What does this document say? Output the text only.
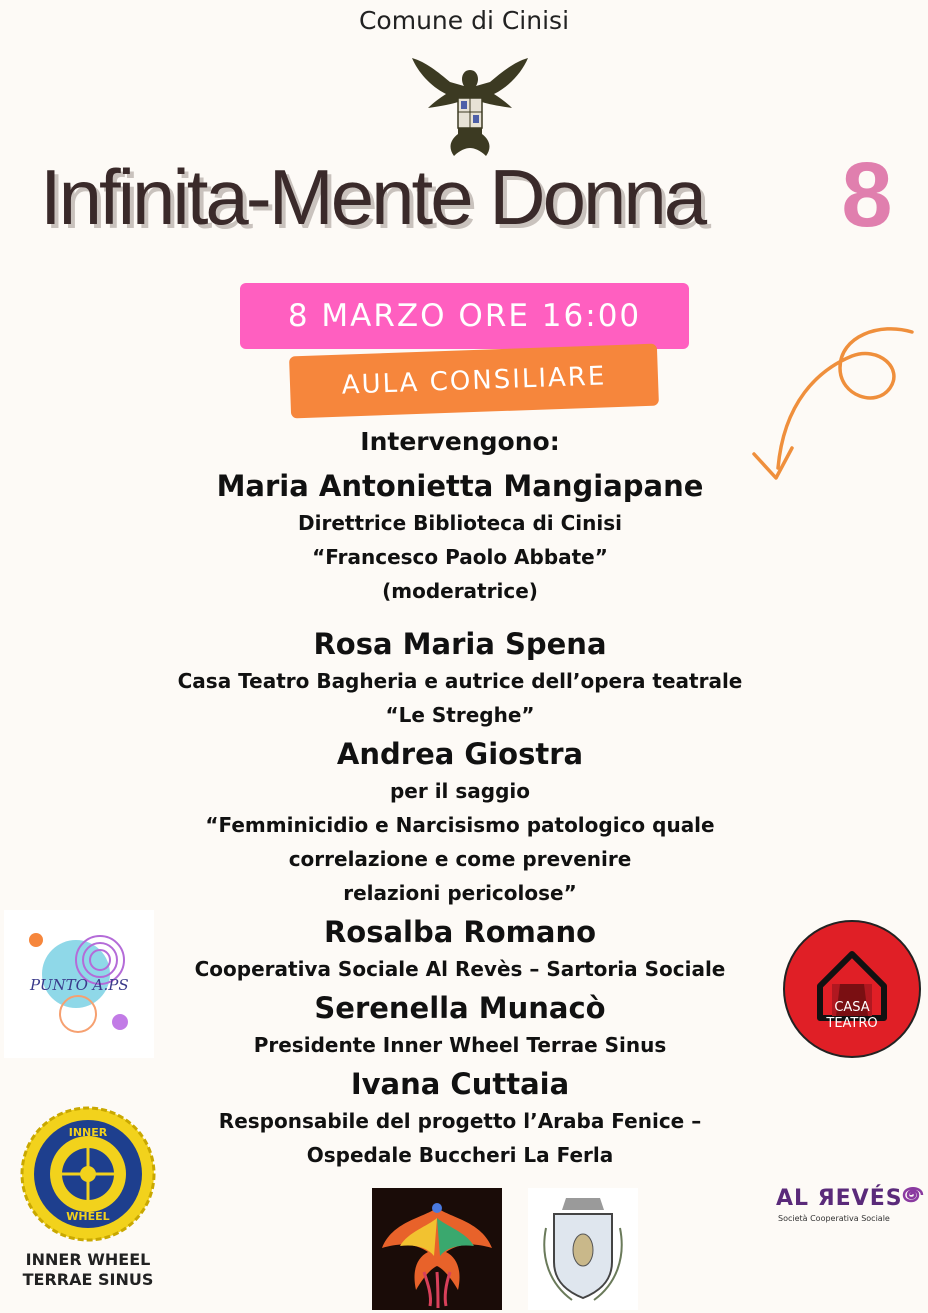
Comune di Cinisi
Infinita-Mente Donna	8
8 MARZO ORE 16:00
AULA CONSILIARE
Intervengono:
Maria Antonietta Mangiapane
Direttrice Biblioteca di Cinisi
“Francesco Paolo Abbate”
(moderatrice)
Rosa Maria Spena
Casa Teatro Bagheria e autrice dell’opera teatrale
“Le Streghe”
Andrea Giostra
per il saggio
“Femminicidio e Narcisismo patologico quale
correlazione e come prevenire
relazioni pericolose”
Rosalba Romano
Cooperativa Sociale Al Revès – Sartoria Sociale
Serenella Munacò
Presidente Inner Wheel Terrae Sinus
Ivana Cuttaia
Responsabile del progetto l’Araba Fenice –
Ospedale Buccheri La Ferla
PUNTO A.PS
CASA
TEATRO
INNER
WHEEL
INNER WHEEL
TERRAE SINUS
AL ЯEVÉS
Società Cooperativa Sociale
